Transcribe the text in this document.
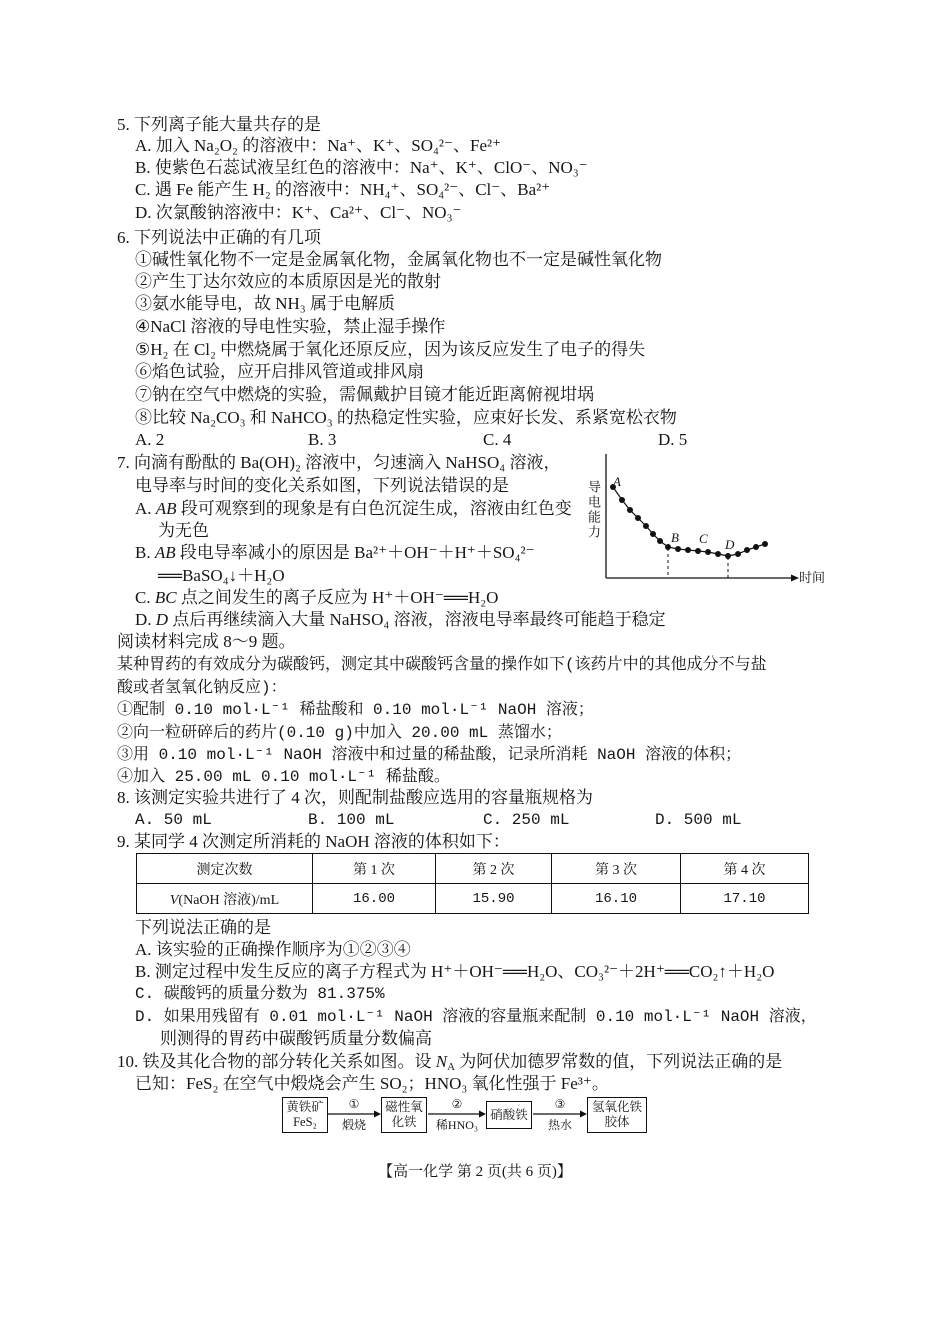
5. 下列离子能大量共存的是
A. 加入 Na₂O₂ 的溶液中：Na⁺、K⁺、SO₄²⁻、Fe²⁺
B. 使紫色石蕊试液呈红色的溶液中：Na⁺、K⁺、ClO⁻、NO₃⁻
C. 遇 Fe 能产生 H₂ 的溶液中：NH₄⁺、SO₄²⁻、Cl⁻、Ba²⁺
D. 次氯酸钠溶液中：K⁺、Ca²⁺、Cl⁻、NO₃⁻
6. 下列说法中正确的有几项
①碱性氧化物不一定是金属氧化物，金属氧化物也不一定是碱性氧化物
②产生丁达尔效应的本质原因是光的散射
③氨水能导电，故 NH₃ 属于电解质
④NaCl 溶液的导电性实验，禁止湿手操作
⑤H₂ 在 Cl₂ 中燃烧属于氧化还原反应，因为该反应发生了电子的得失
⑥焰色试验，应开启排风管道或排风扇
⑦钠在空气中燃烧的实验，需佩戴护目镜才能近距离俯视坩埚
⑧比较 Na₂CO₃ 和 NaHCO₃ 的热稳定性实验，应束好长发、系紧宽松衣物
A. 2	B. 3	C. 4	D. 5
7. 向滴有酚酞的 Ba(OH)₂ 溶液中，匀速滴入 NaHSO₄ 溶液，
电导率与时间的变化关系如图，下列说法错误的是
A. AB 段可观察到的现象是有白色沉淀生成，溶液由红色变
为无色
B. AB 段电导率减小的原因是 Ba²⁺＋OH⁻＋H⁺＋SO₄²⁻
══BaSO₄↓＋H₂O
C. BC 点之间发生的离子反应为 H⁺＋OH⁻══H₂O
D. D 点后再继续滴入大量 NaHSO₄ 溶液，溶液电导率最终可能趋于稳定
导电能力
时间
A
B C D
阅读材料完成 8～9 题。
某种胃药的有效成分为碳酸钙，测定其中碳酸钙含量的操作如下(该药片中的其他成分不与盐
酸或者氢氧化钠反应)：
①配制 0.10 mol·L⁻¹ 稀盐酸和 0.10 mol·L⁻¹ NaOH 溶液；
②向一粒研碎后的药片(0.10 g)中加入 20.00 mL 蒸馏水；
③用 0.10 mol·L⁻¹ NaOH 溶液中和过量的稀盐酸，记录所消耗 NaOH 溶液的体积；
④加入 25.00 mL 0.10 mol·L⁻¹ 稀盐酸。
8. 该测定实验共进行了 4 次，则配制盐酸应选用的容量瓶规格为
A. 50 mL	B. 100 mL	C. 250 mL	D. 500 mL
9. 某同学 4 次测定所消耗的 NaOH 溶液的体积如下：
测定次数	第 1 次	第 2 次	第 3 次	第 4 次
V(NaOH 溶液)/mL	16.00	15.90	16.10	17.10
下列说法正确的是
A. 该实验的正确操作顺序为①②③④
B. 测定过程中发生反应的离子方程式为 H⁺＋OH⁻══H₂O、CO₃²⁻＋2H⁺══CO₂↑＋H₂O
C. 碳酸钙的质量分数为 81.375%
D. 如果用残留有 0.01 mol·L⁻¹ NaOH 溶液的容量瓶来配制 0.10 mol·L⁻¹ NaOH 溶液，
则测得的胃药中碳酸钙质量分数偏高
10. 铁及其化合物的部分转化关系如图。设 $N_A$ 为阿伏加德罗常数的值，下列说法正确的是
已知：FeS₂ 在空气中煅烧会产生 SO₂；HNO₃ 氧化性强于 Fe³⁺。
黄铁矿
FeS₂
磁性氧
化铁
硝酸铁
氢氧化铁
胶体
①
煅烧
②
稀HNO₃
③
热水
【高一化学 第 2 页(共 6 页)】
